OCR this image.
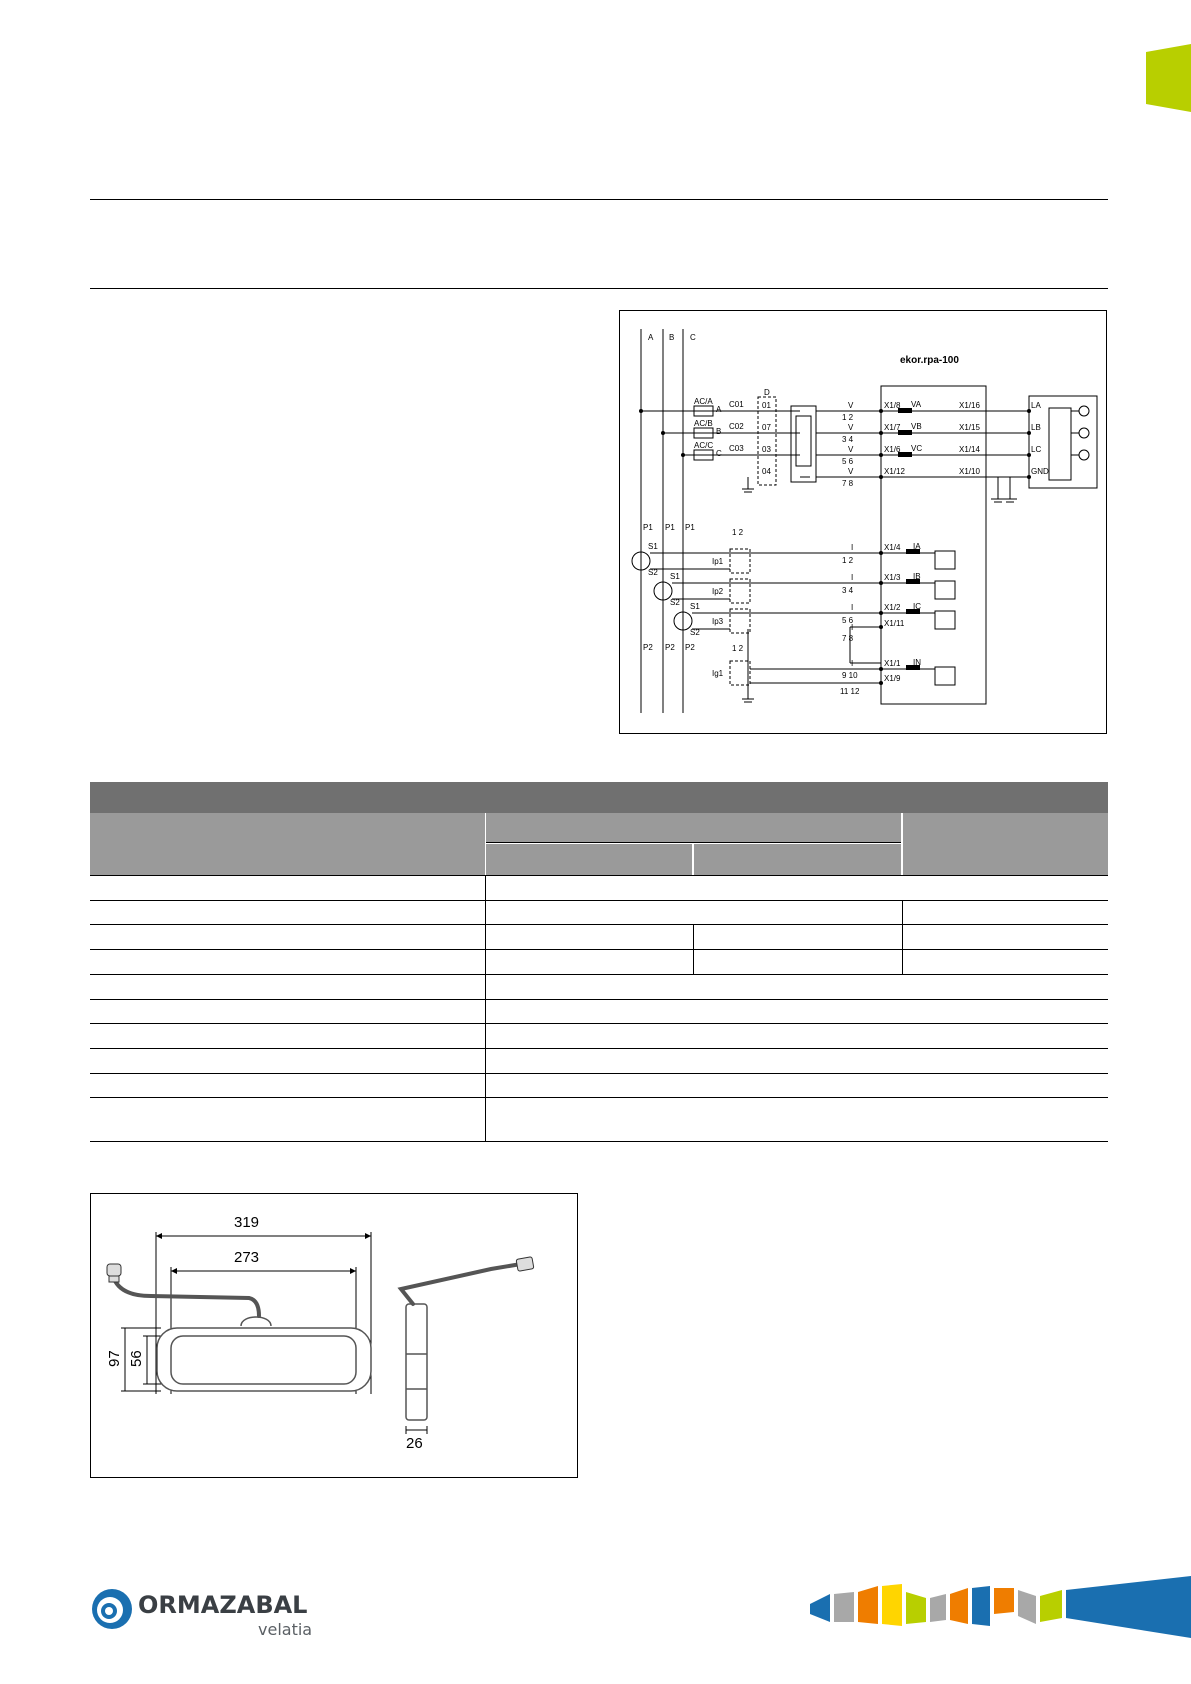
A B C
ekor.rpa-100
AC/A
AC/B
AC/C
A
B
C
C01
C02
C03
D
01
07
03
04
V
1 2
V
3 4
V
5 6
V
7 8
X1/8
X1/7
X1/6
X1/12
VA
VB
VC
X1/16
X1/15
X1/14
X1/10
LA
LB
LC
GND
P1 P1 P1
P2 P2 P2
S1
S2 S1
S2 S1
S2
Ip1
Ip2
Ip3
Ig1
1 2
1 2
I
1 2
I
3 4
I
5 6
I
7 8
I
9 10
11 12
X1/4
X1/3
X1/2
X1/11
X1/1
X1/9
IA
IB
IC
IN
319
273
97 56
26
ORMAZABAL
velatia
